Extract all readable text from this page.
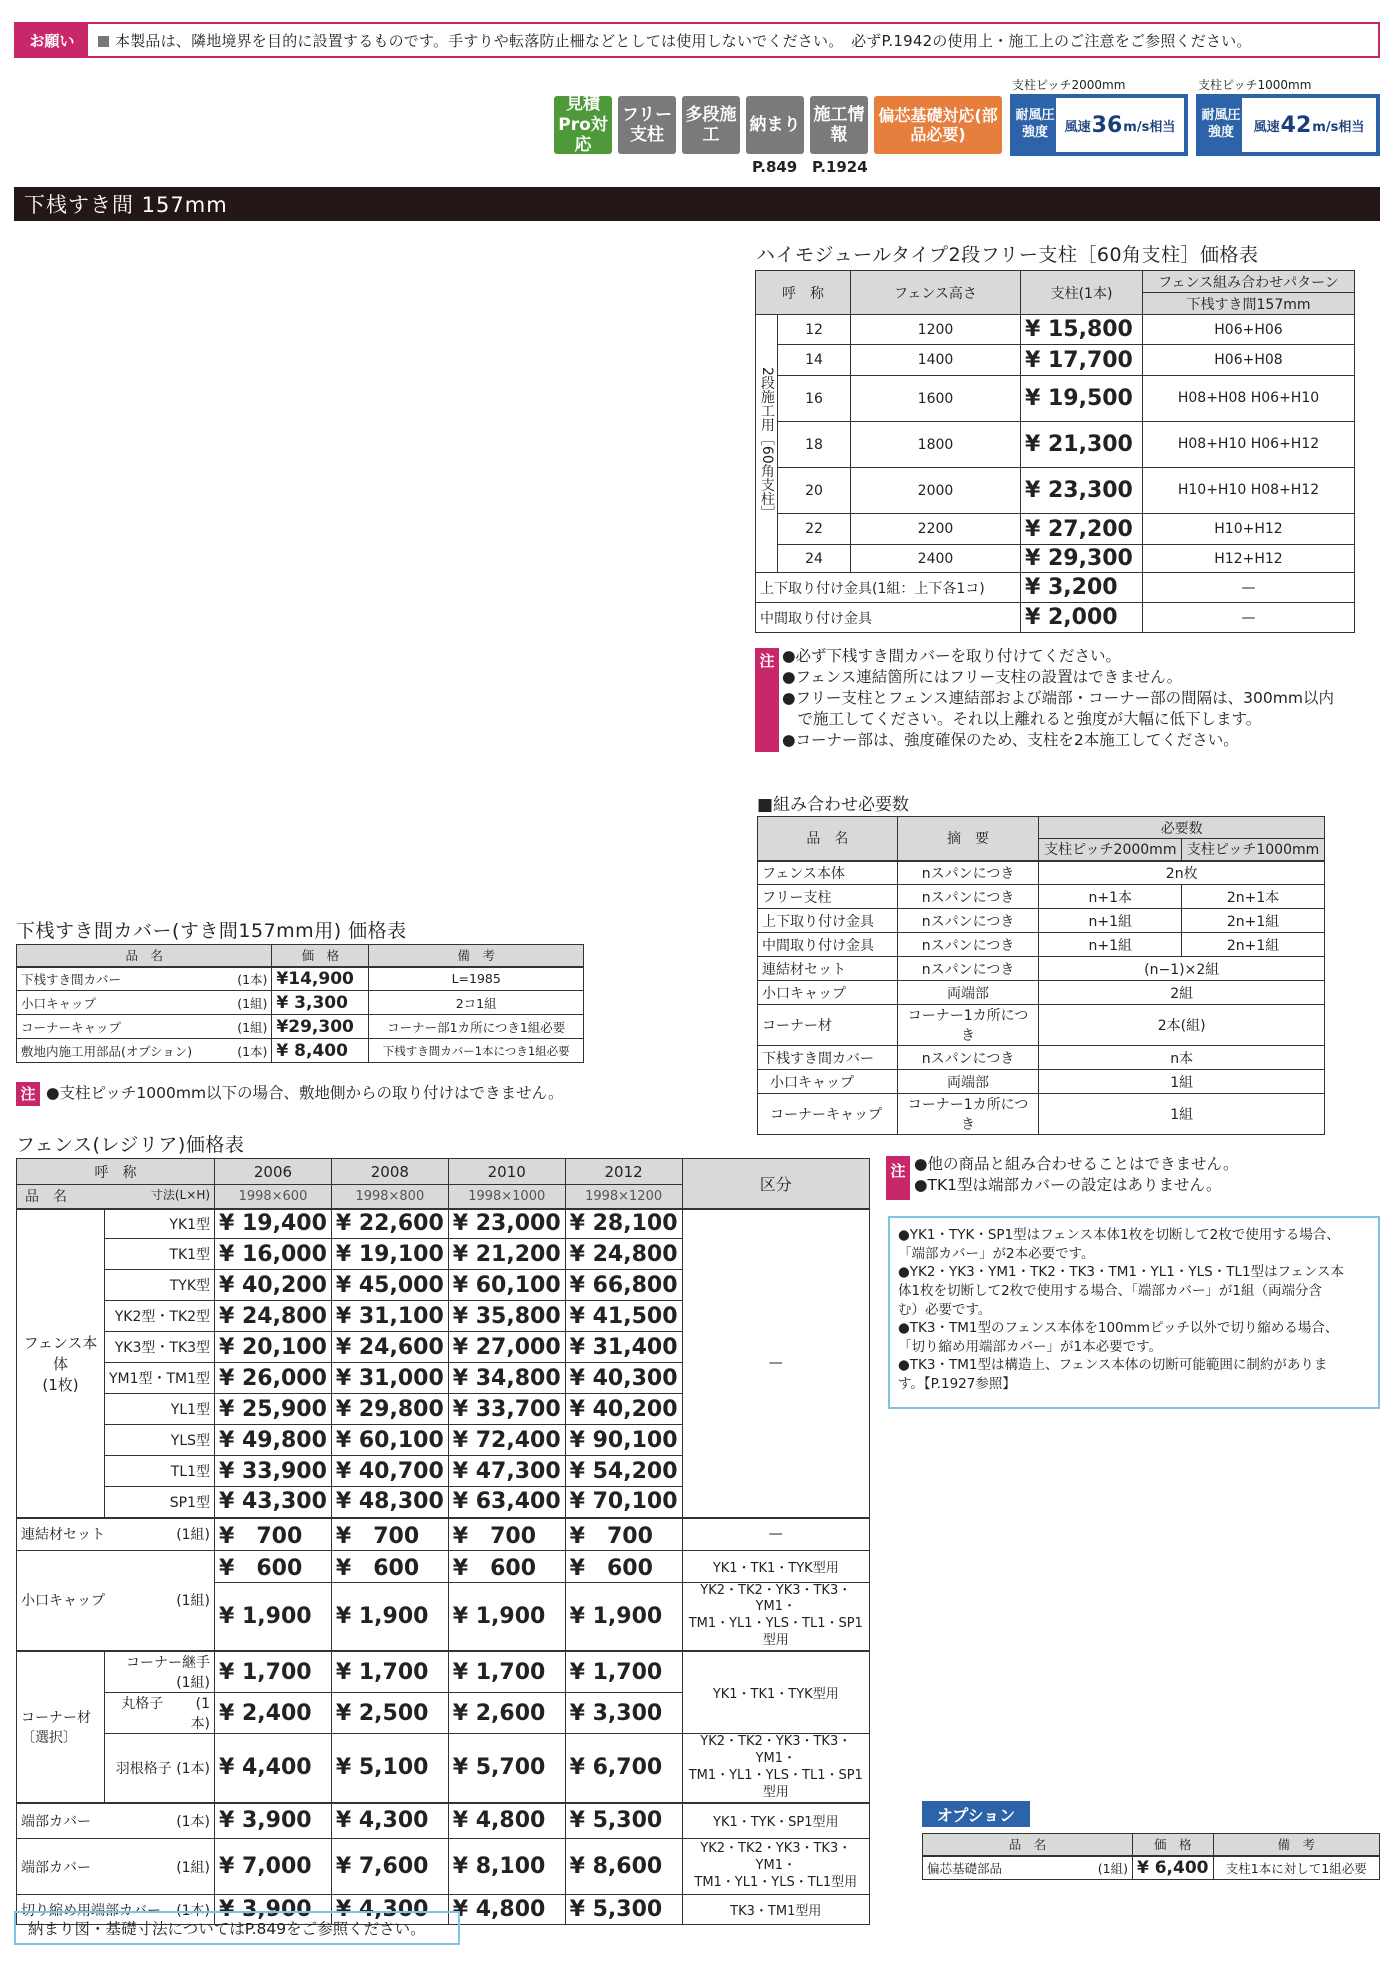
お願い	本製品は、隣地境界を目的に設置するものです。手すりや転落防止柵などとしては使用しないでください。　必ずP.1942の使用上・施工上のご注意をご参照ください。
見積Pro対応
フリー支柱
多段施工
納まり
施工情報
偏芯基礎対応(部品必要)
P.849 P.1924
支柱ピッチ2000mm
耐風圧強度	風速 36 m/s相当
支柱ピッチ1000mm
耐風圧強度	風速 42 m/s相当
下桟すき間 157mm
ハイモジュールタイプ2段フリー支柱［60角支柱］価格表
呼　称		フェンス高さ	支柱(1本)	フェンス組み合わせパターン
				下桟すき間157mm
2段施工用［60角支柱］	12	1200	¥ 15,800	H06+H06
	14	1400	¥ 17,700	H06+H08
	16	1600	¥ 19,500	H08+H08 H06+H10
	18	1800	¥ 21,300	H08+H10 H06+H12
	20	2000	¥ 23,300	H10+H10 H08+H12
	22	2200	¥ 27,200	H10+H12
	24	2400	¥ 29,300	H12+H12
上下取り付け金具(1組：上下各1コ)			¥ 3,200	—
中間取り付け金具			¥ 2,000	—
注 ●必ず下桟すき間カバーを取り付けてください。
●フェンス連結箇所にはフリー支柱の設置はできません。
●フリー支柱とフェンス連結部および端部・コーナー部の間隔は、300mm以内
　で施工してください。それ以上離れると強度が大幅に低下します。
●コーナー部は、強度確保のため、支柱を2本施工してください。
■組み合わせ必要数
品　名	摘　要	必要数	
		支柱ピッチ2000mm	支柱ピッチ1000mm
フェンス本体	nスパンにつき	2n枚	
フリー支柱	nスパンにつき	n+1本	2n+1本
上下取り付け金具	nスパンにつき	n+1組	2n+1組
中間取り付け金具	nスパンにつき	n+1組	2n+1組
連結材セット	nスパンにつき	(n−1)×2組	
小口キャップ	両端部	2組	
コーナー材	コーナー1カ所につき	2本(組)	
下桟すき間カバー	nスパンにつき	n本	
小口キャップ	両端部	1組	
コーナーキャップ	コーナー1カ所につき	1組	
下桟すき間カバー(すき間157mm用) 価格表
品　名	価　格	備　考
下桟すき間カバー (1本)	¥14,900	L=1985
小口キャップ (1組)	¥ 3,300	2コ1組
コーナーキャップ (1組)	¥29,300	コーナー部1カ所につき1組必要
敷地内施工用部品(オプション) (1本)	¥ 8,400	下桟すき間カバー1本につき1組必要
注 ●支柱ピッチ1000mm以下の場合、敷地側からの取り付けはできません。
フェンス(レジリア)価格表
呼　称		2006	2008	2010	2012	区分

品　名 寸法(L×H)		1998×600	1998×800	1998×1000	1998×1200	
フェンス本体
(1枚)	YK1型	¥ 19,400	¥ 22,600	¥ 23,000	¥ 28,100	—
	TK1型	¥ 16,000	¥ 19,100	¥ 21,200	¥ 24,800	
	TYK型	¥ 40,200	¥ 45,000	¥ 60,100	¥ 66,800	
	YK2型・TK2型	¥ 24,800	¥ 31,100	¥ 35,800	¥ 41,500	
	YK3型・TK3型	¥ 20,100	¥ 24,600	¥ 27,000	¥ 31,400	
	YM1型・TM1型	¥ 26,000	¥ 31,000	¥ 34,800	¥ 40,300	
	YL1型	¥ 25,900	¥ 29,800	¥ 33,700	¥ 40,200	
	YLS型	¥ 49,800	¥ 60,100	¥ 72,400	¥ 90,100	
	TL1型	¥ 33,900	¥ 40,700	¥ 47,300	¥ 54,200	
	SP1型	¥ 43,300	¥ 48,300	¥ 63,400	¥ 70,100	
連結材セット (1組)		¥　700	¥　700	¥　700	¥　700	—
小口キャップ (1組)		¥　600	¥　600	¥　600	¥　600	YK1・TK1・TYK型用
		¥ 1,900	¥ 1,900	¥ 1,900	¥ 1,900	YK2・TK2・YK3・TK3・YM1・
TM1・YL1・YLS・TL1・SP1型用
コーナー材
〔選択〕	コーナー継手 (1組)	¥ 1,700	¥ 1,700	¥ 1,700	¥ 1,700	YK1・TK1・TYK型用
	丸格子 (1本)	¥ 2,400	¥ 2,500	¥ 2,600	¥ 3,300	
	羽根格子 (1本)	¥ 4,400	¥ 5,100	¥ 5,700	¥ 6,700	YK2・TK2・YK3・TK3・YM1・
TM1・YL1・YLS・TL1・SP1型用
端部カバー (1本)		¥ 3,900	¥ 4,300	¥ 4,800	¥ 5,300	YK1・TYK・SP1型用
端部カバー (1組)		¥ 7,000	¥ 7,600	¥ 8,100	¥ 8,600	YK2・TK2・YK3・TK3・YM1・
TM1・YL1・YLS・TL1型用
切り縮め用端部カバー (1本)		¥ 3,900	¥ 4,300	¥ 4,800	¥ 5,300	TK3・TM1型用
注 ●他の商品と組み合わせることはできません。
●TK1型は端部カバーの設定はありません。
●YK1・TYK・SP1型はフェンス本体1枚を切断して2枚で使用する場合、
「端部カバー」が2本必要です。
●YK2・YK3・YM1・TK2・TK3・TM1・YL1・YLS・TL1型はフェンス本
体1枚を切断して2枚で使用する場合、「端部カバー」が1組（両端分含
む）必要です。
●TK3・TM1型のフェンス本体を100mmピッチ以外で切り縮める場合、
「切り縮め用端部カバー」が1本必要です。
●TK3・TM1型は構造上、フェンス本体の切断可能範囲に制約がありま
す。【P.1927参照】
オプション
品　名	価　格	備　考
偏芯基礎部品 (1組)	¥ 6,400	支柱1本に対して1組必要
納まり図・基礎寸法についてはP.849をご参照ください。
